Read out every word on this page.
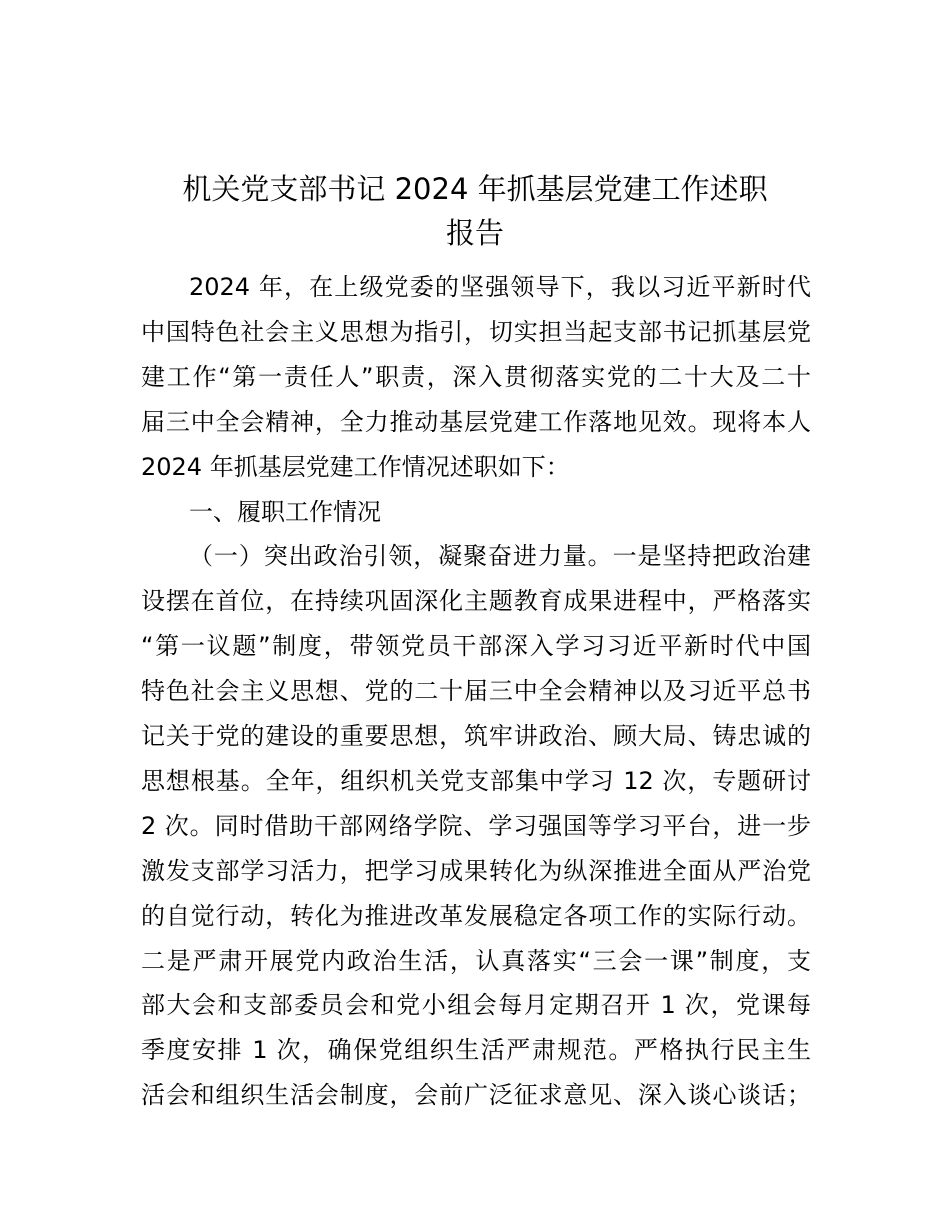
机关党支部书记 2024 年抓基层党建工作述职
报告

2024 年，在上级党委的坚强领导下，我以习近平新时代

中国特色社会主义思想为指引，切实担当起支部书记抓基层党

建工作“第一责任人”职责，深入贯彻落实党的二十大及二十

届三中全会精神，全力推动基层党建工作落地见效。现将本人

2024 年抓基层党建工作情况述职如下：

一、履职工作情况

（一）突出政治引领，凝聚奋进力量。一是坚持把政治建

设摆在首位，在持续巩固深化主题教育成果进程中，严格落实

“第一议题”制度，带领党员干部深入学习习近平新时代中国

特色社会主义思想、党的二十届三中全会精神以及习近平总书

记关于党的建设的重要思想，筑牢讲政治、顾大局、铸忠诚的

思想根基。全年，组织机关党支部集中学习 12 次，专题研讨

2 次。同时借助干部网络学院、学习强国等学习平台，进一步

激发支部学习活力，把学习成果转化为纵深推进全面从严治党

的自觉行动，转化为推进改革发展稳定各项工作的实际行动。

二是严肃开展党内政治生活，认真落实“三会一课”制度，支

部大会和支部委员会和党小组会每月定期召开 1 次，党课每

季度安排 1 次，确保党组织生活严肃规范。严格执行民主生

活会和组织生活会制度，会前广泛征求意见、深入谈心谈话；
